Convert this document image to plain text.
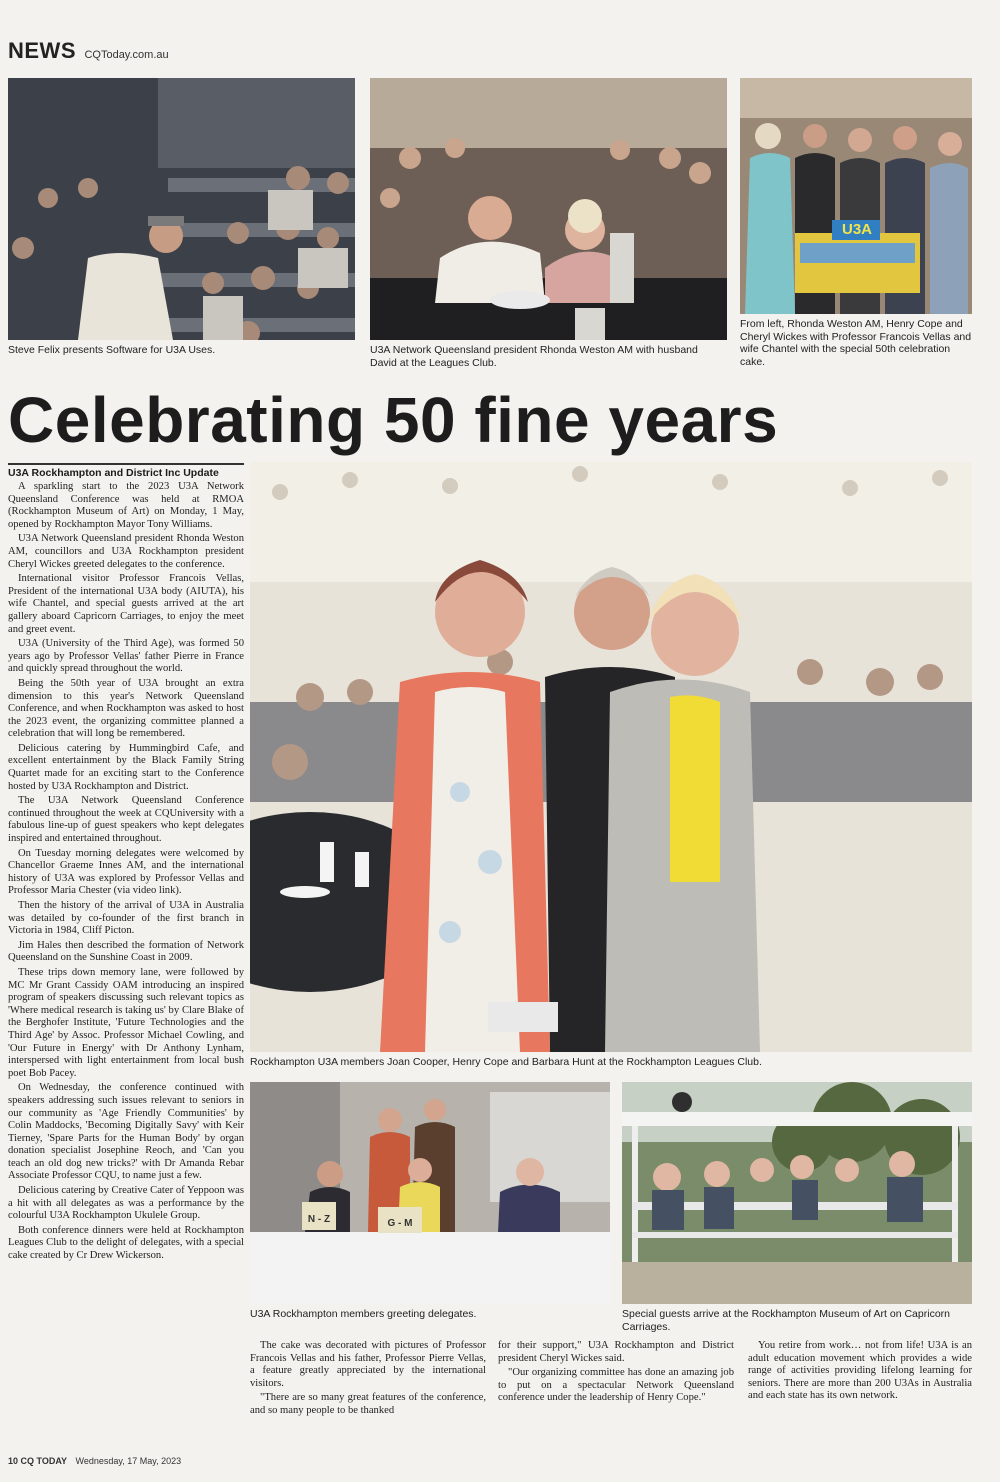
NEWS CQToday.com.au
Steve Felix presents Software for U3A Uses.	U3A Network Queensland president Rhonda Weston AM with husband David at the Leagues Club.
U3A
From left, Rhonda Weston AM, Henry Cope and Cheryl Wickes with Professor Francois Vellas and wife Chantel with the special 50th celebration cake.
Celebrating 50 fine years
U3A Rockhampton and District Inc Update

A sparkling start to the 2023 U3A Network Queensland Conference was held at RMOA (Rockhampton Museum of Art) on Monday, 1 May, opened by Rockhampton Mayor Tony Williams.

U3A Network Queensland president Rhonda Weston AM, councillors and U3A Rockhampton president Cheryl Wickes greeted delegates to the conference.

International visitor Professor Francois Vellas, President of the international U3A body (AIUTA), his wife Chantel, and special guests arrived at the art gallery aboard Capricorn Carriages, to enjoy the meet and greet event.

U3A (University of the Third Age), was formed 50 years ago by Professor Vellas' father Pierre in France and quickly spread throughout the world.

Being the 50th year of U3A brought an extra dimension to this year's Network Queensland Conference, and when Rockhampton was asked to host the 2023 event, the organizing committee planned a celebration that will long be remembered.

Delicious catering by Hummingbird Cafe, and excellent entertainment by the Black Family String Quartet made for an exciting start to the Conference hosted by U3A Rockhampton and District.

The U3A Network Queensland Conference continued throughout the week at CQUniversity with a fabulous line-up of guest speakers who kept delegates inspired and entertained throughout.

On Tuesday morning delegates were welcomed by Chancellor Graeme Innes AM, and the international history of U3A was explored by Professor Vellas and Professor Maria Chester (via video link).

Then the history of the arrival of U3A in Australia was detailed by co-founder of the first branch in Victoria in 1984, Cliff Picton.

Jim Hales then described the formation of Network Queensland on the Sunshine Coast in 2009.

These trips down memory lane, were followed by MC Mr Grant Cassidy OAM introducing an inspired program of speakers discussing such relevant topics as 'Where medical research is taking us' by Clare Blake of the Berghofer Institute, 'Future Technologies and the Third Age' by Assoc. Professor Michael Cowling, and 'Our Future in Energy' with Dr Anthony Lynham, interspersed with light entertainment from local bush poet Bob Pacey.

On Wednesday, the conference continued with speakers addressing such issues relevant to seniors in our community as 'Age Friendly Communities' by Colin Maddocks, 'Becoming Digitally Savy' with Keir Tierney, 'Spare Parts for the Human Body' by organ donation specialist Josephine Reoch, and 'Can you teach an old dog new tricks?' with Dr Amanda Rebar Associate Professor CQU, to name just a few.

Delicious catering by Creative Cater of Yeppoon was a hit with all delegates as was a performance by the colourful U3A Rockhampton Ukulele Group.

Both conference dinners were held at Rockhampton Leagues Club to the delight of delegates, with a special cake created by Cr Drew Wickerson.

Rockhampton U3A members Joan Cooper, Henry Cope and Barbara Hunt at the Rockhampton Leagues Club.
N - Z	G - M
U3A Rockhampton members greeting delegates.	Special guests arrive at the Rockhampton Museum of Art on Capricorn Carriages.

The cake was decorated with pictures of Professor Francois Vellas and his father, Professor Pierre Vellas, a feature greatly appreciated by the international visitors.

"There are so many great features of the conference, and so many people to be thanked

for their support," U3A Rockhampton and District president Cheryl Wickes said.

"Our organizing committee has done an amazing job to put on a spectacular Network Queensland conference under the leadership of Henry Cope."

You retire from work… not from life! U3A is an adult education movement which provides a wide range of activities providing lifelong learning for seniors. There are more than 200 U3As in Australia and each state has its own network.

10 CQ TODAY Wednesday, 17 May, 2023
